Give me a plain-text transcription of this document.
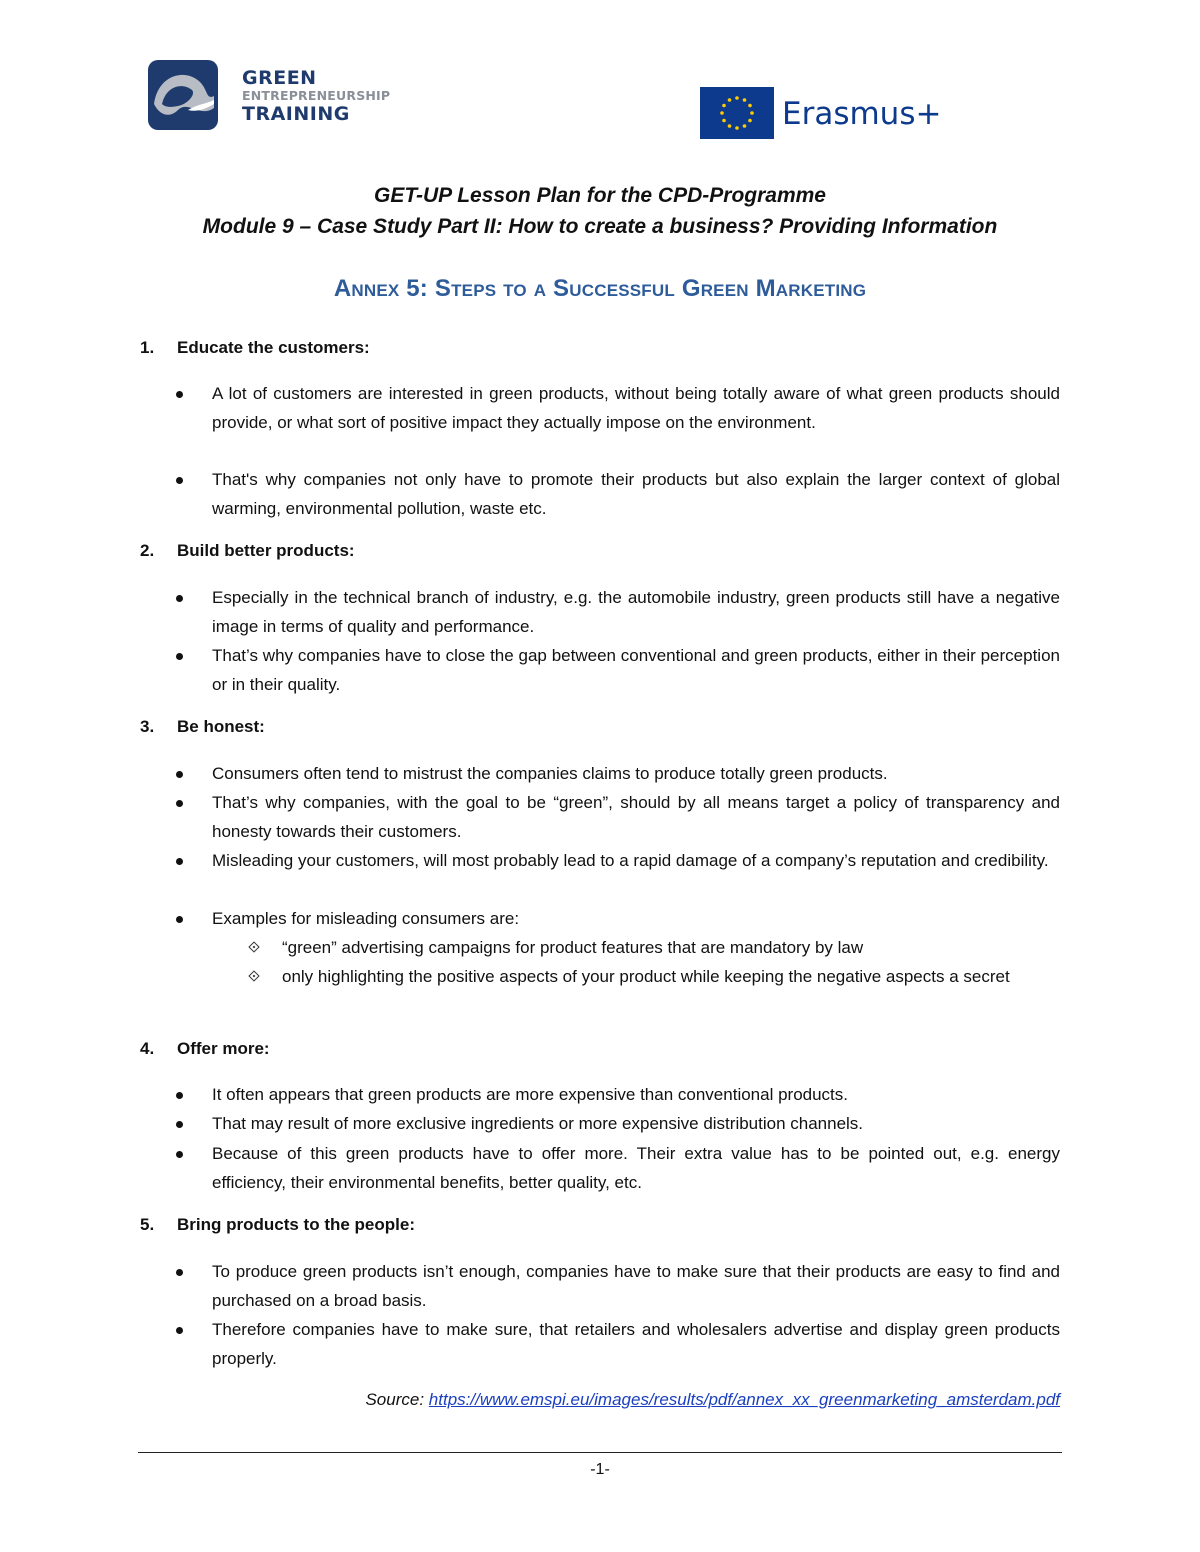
GREEN
ENTREPRENEURSHIP
TRAINING	Erasmus+
GET-UP Lesson Plan for the CPD-Programme
Module 9 – Case Study Part II: How to create a business? Providing Information
Annex 5: Steps to a Successful Green Marketing
1. Educate the customers:
A lot of customers are interested in green products, without being totally aware of what green products should provide, or what sort of positive impact they actually impose on the environment.
That's why companies not only have to promote their products but also explain the larger context of global warming, environmental pollution, waste etc.
2. Build better products:
Especially in the technical branch of industry, e.g. the automobile industry, green products still have a negative image in terms of quality and performance.
That’s why companies have to close the gap between conventional and green products, either in their perception or in their quality.
3. Be honest:
Consumers often tend to mistrust the companies claims to produce totally green products.
That’s why companies, with the goal to be “green”, should by all means target a policy of transparency and honesty towards their customers.
Misleading your customers, will most probably lead to a rapid damage of a company’s reputation and credibility.
Examples for misleading consumers are:
“green” advertising campaigns for product features that are mandatory by law
only highlighting the positive aspects of your product while keeping the negative aspects a secret
4. Offer more:
It often appears that green products are more expensive than conventional products.
That may result of more exclusive ingredients or more expensive distribution channels.
Because of this green products have to offer more. Their extra value has to be pointed out, e.g. energy efficiency, their environmental benefits, better quality, etc.
5. Bring products to the people:
To produce green products isn’t enough, companies have to make sure that their products are easy to find and purchased on a broad basis.
Therefore companies have to make sure, that retailers and wholesalers advertise and display green products properly.
Source: https://www.emspi.eu/images/results/pdf/annex_xx_greenmarketing_amsterdam.pdf
-1-
